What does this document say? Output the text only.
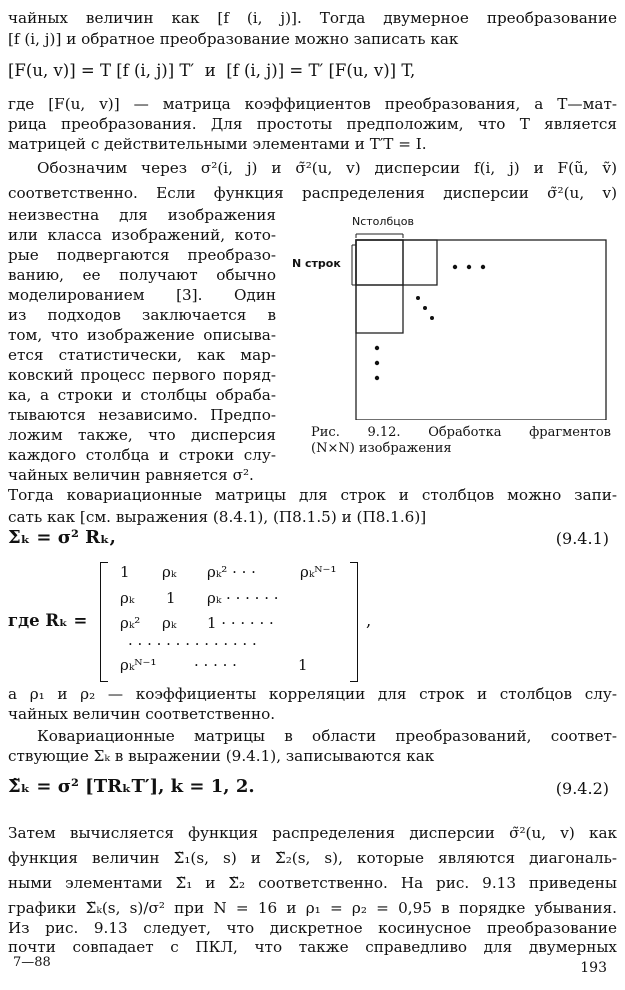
чайных величин как [f (i, j)]. Тогда двумерное преобразование
[f (i, j)] и обратное преобразование можно записать как
[F(u, v)] = T [f (i, j)] T′ и [f (i, j)] = T′ [F(u, v)] T,
где [F(u, v)] — матрица коэффициентов преобразования, а T—мат-
рица преобразования. Для простоты предположим, что T является
матрицей с действительными элементами и T′T = I.
Обозначим через σ²(i, j) и σ̃²(u, v) дисперсии f(i, j) и F(ũ, ṽ)
соответственно. Если функция распределения дисперсии σ̃²(u, v)
неизвестна для изображения
или класса изображений, кото-
рые подвергаются преобразо-
ванию, ее получают обычно
моделированием [3]. Один
из подходов заключается в
том, что изображение описыва-
ется статистически, как мар-
ковский процесс первого поряд-
ка, а строки и столбцы обраба-
тываются независимо. Предпо-
ложим также, что дисперсия
каждого столбца и строки слу-
чайных величин равняется σ².
Тогда ковариационные матрицы для строк и столбцов можно запи-
сать как [см. выражения (8.4.1), (П8.1.5) и (П8.1.6)]
Nстолбцов
N строк
Рис. 9.12. Обработка фрагментов
(N×N) изображения
Σₖ = σ² Rₖ,	(9.4.1)
где Rₖ =
1 ρₖ ρₖ² · · ·	ρₖᴺ⁻¹
ρₖ 1 ρₖ · · · · · ·
ρₖ² ρₖ 1 · · · · · ·
· · · · · · · · · · · · · ·
ρₖᴺ⁻¹	· · · · ·	1
,
а ρ₁ и ρ₂ — коэффициенты корреляции для строк и столбцов слу-
чайных величин соответственно.
Ковариационные матрицы в области преобразований, соответ-
ствующие Σₖ в выражении (9.4.1), записываются как
Σ̃ₖ = σ² [TRₖT′], k = 1, 2.	(9.4.2)
Затем вычисляется функция распределения дисперсии σ̃²(u, v) как
функция величин Σ̃₁(s, s) и Σ̃₂(s, s), которые являются диагональ-
ными элементами Σ̃₁ и Σ̃₂ соответственно. На рис. 9.13 приведены
графики Σ̃ₖ(s, s)/σ² при N = 16 и ρ₁ = ρ₂ = 0,95 в порядке убывания.
Из рис. 9.13 следует, что дискретное косинусное преобразование
почти совпадает с ПКЛ, что также справедливо для двумерных
7—88	193
